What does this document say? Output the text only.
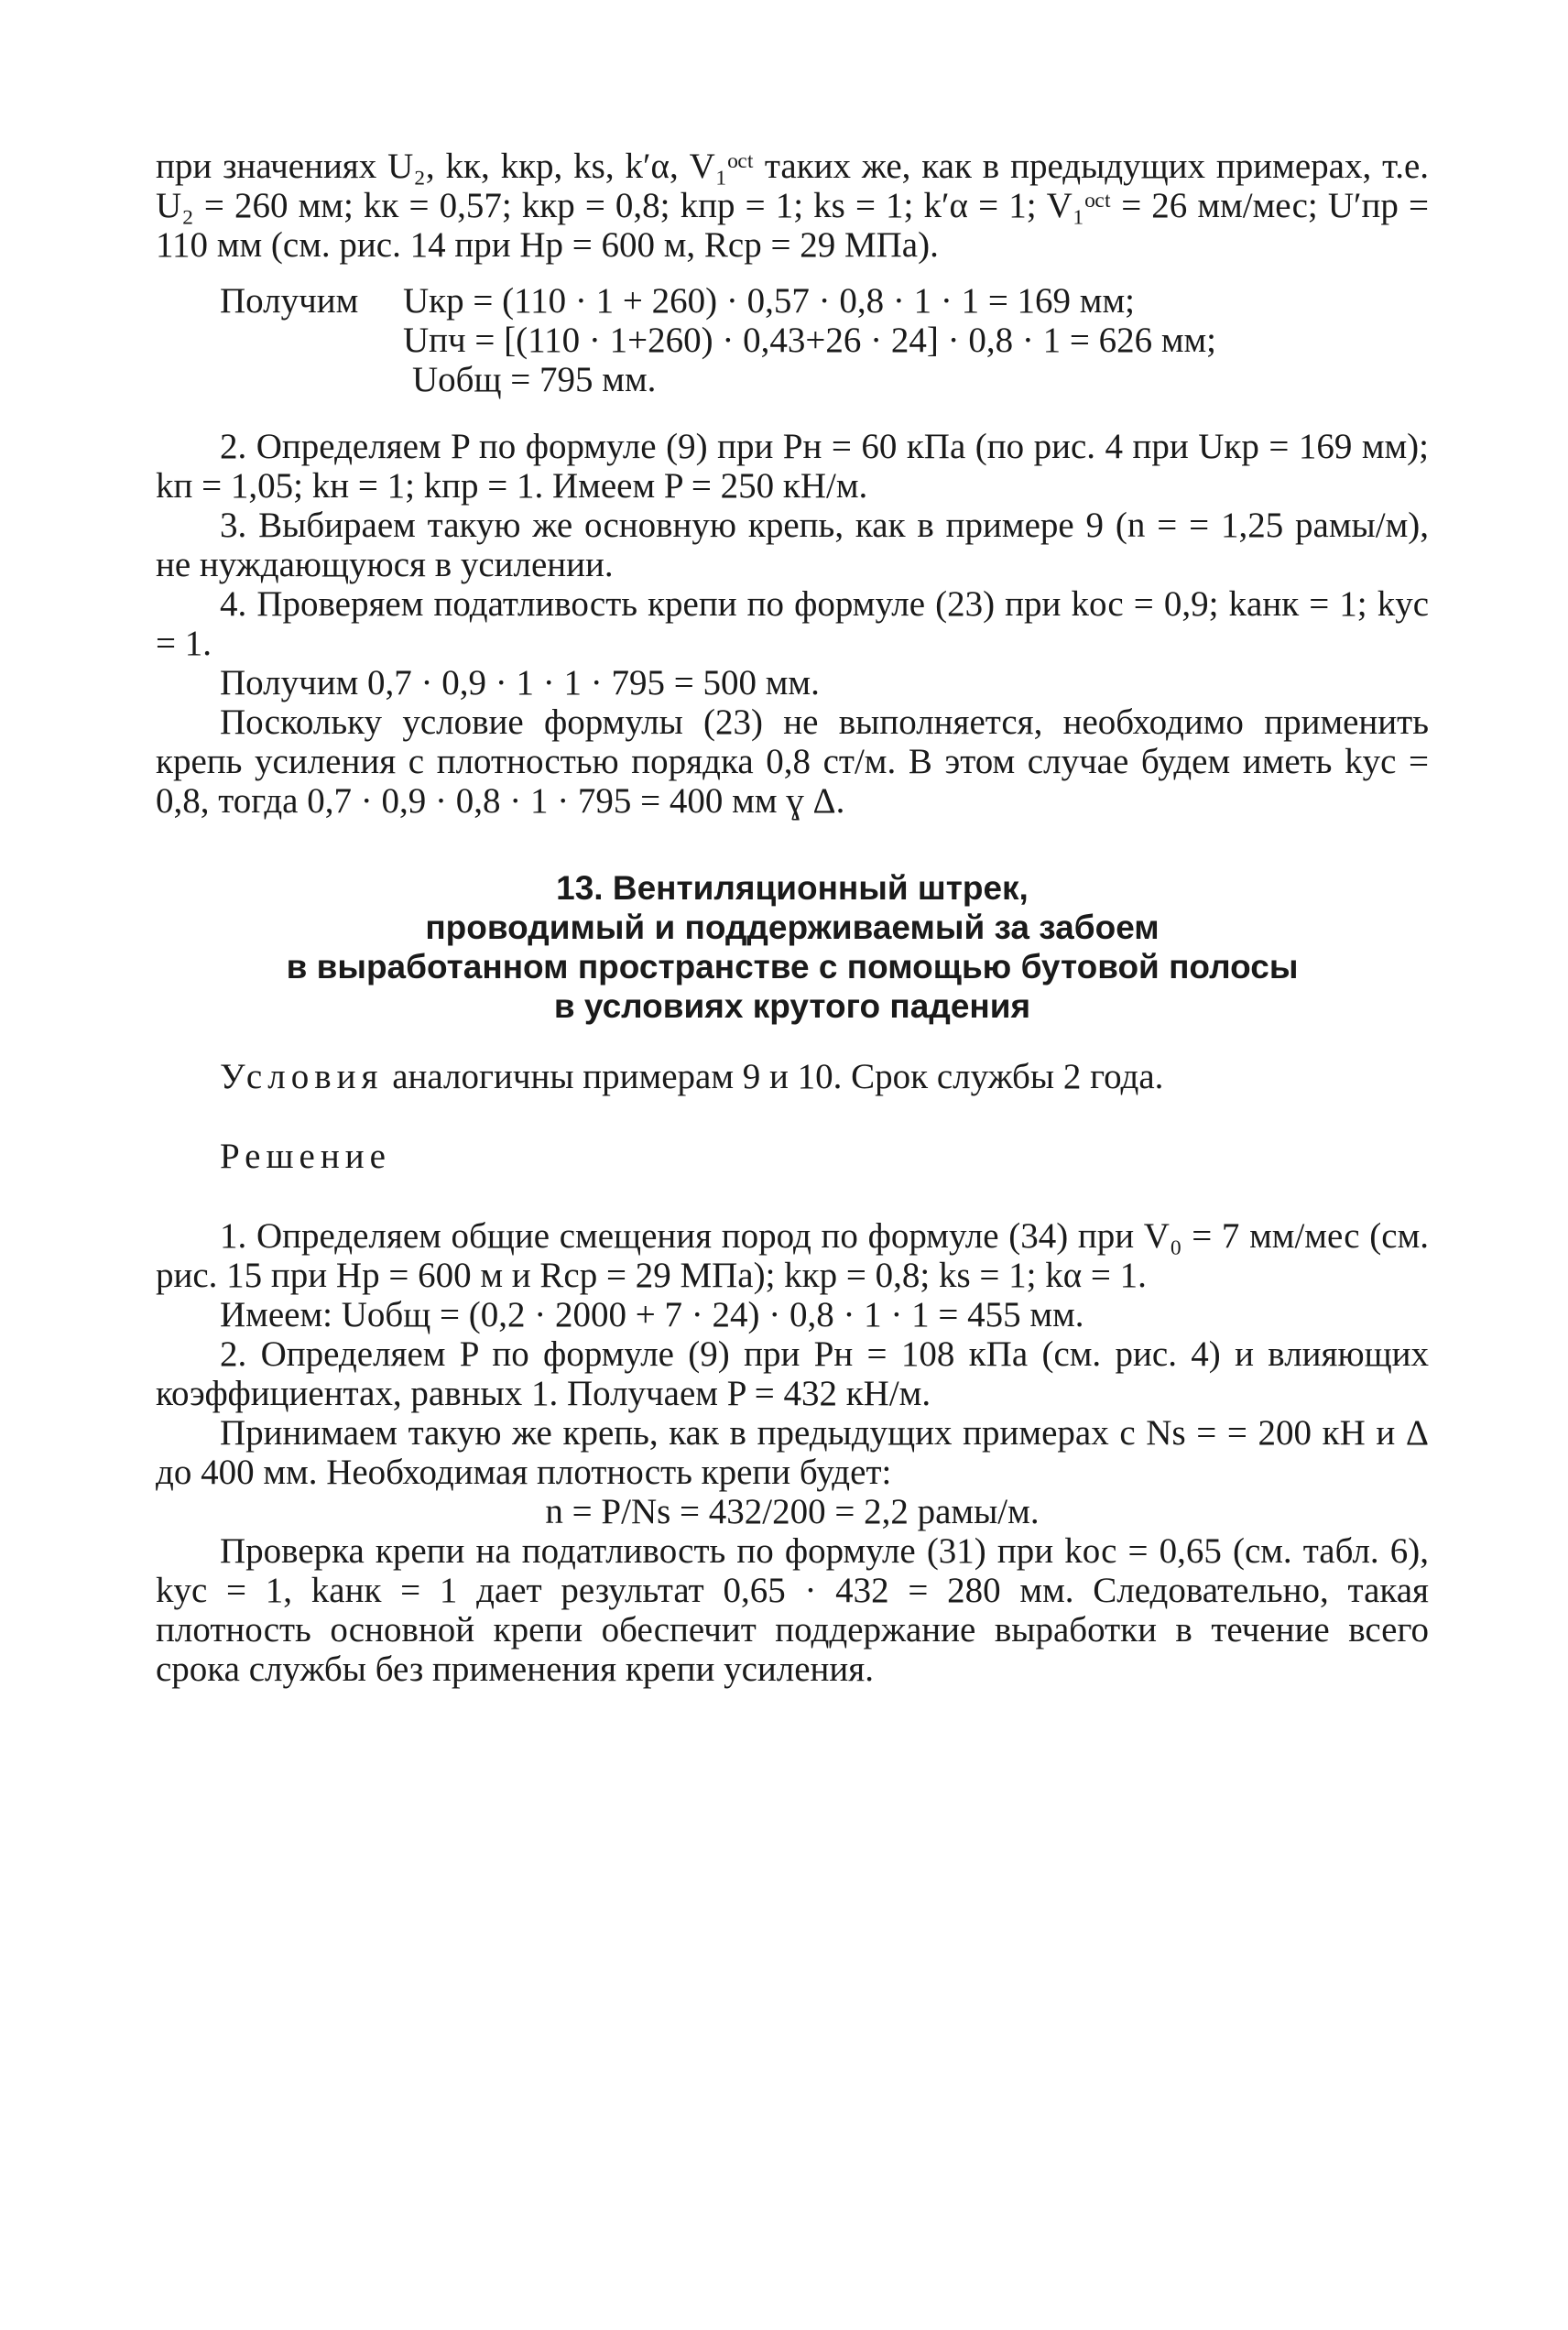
при значениях U₂, kк, kкр, ks, k′α, V₁ᵒᶜᵗ таких же, как в предыдущих примерах, т.е. U₂ = 260 мм; kк = 0,57; kкр = 0,8; kпр = 1; ks = 1; k′α = 1; V₁ᵒᶜᵗ = 26 мм/мес; U′пр = 110 мм (см. рис. 14 при Hр = 600 м, Rср = 29 МПа).

Получим	Uкр = (110 · 1 + 260) · 0,57 · 0,8 · 1 · 1 = 169 мм;
Uпч = [(110 · 1+260) · 0,43+26 · 24] · 0,8 · 1 = 626 мм;
Uобщ = 795 мм.

2. Определяем P по формуле (9) при Pн = 60 кПа (по рис. 4 при Uкр = 169 мм); kп = 1,05; kн = 1; kпр = 1. Имеем P = 250 кН/м.

3. Выбираем такую же основную крепь, как в примере 9 (n = = 1,25 рамы/м), не нуждающуюся в усилении.

4. Проверяем податливость крепи по формуле (23) при kос = 0,9; kанк = 1; kус = 1.

Получим 0,7 · 0,9 · 1 · 1 · 795 = 500 мм.

Поскольку условие формулы (23) не выполняется, необходимо применить крепь усиления с плотностью порядка 0,8 ст/м. В этом случае будем иметь kус = 0,8, тогда 0,7 · 0,9 · 0,8 · 1 · 795 = 400 мм ɣ Δ.

13. Вентиляционный штрек,
проводимый и поддерживаемый за забоем
в выработанном пространстве с помощью бутовой полосы
в условиях крутого падения

Условия аналогичны примерам 9 и 10. Срок службы 2 года.

Решение

1. Определяем общие смещения пород по формуле (34) при V₀ = 7 мм/мес (см. рис. 15 при Hр = 600 м и Rср = 29 МПа); kкр = 0,8; ks = 1; kα = 1.

Имеем: Uобщ = (0,2 · 2000 + 7 · 24) · 0,8 · 1 · 1 = 455 мм.

2. Определяем P по формуле (9) при Pн = 108 кПа (см. рис. 4) и влияющих коэффициентах, равных 1. Получаем P = 432 кН/м.

Принимаем такую же крепь, как в предыдущих примерах с Ns = = 200 кН и Δ до 400 мм. Необходимая плотность крепи будет:

n = P/Ns = 432/200 = 2,2 рамы/м.

Проверка крепи на податливость по формуле (31) при kос = 0,65 (см. табл. 6), kус = 1, kанк = 1 дает результат 0,65 · 432 = 280 мм. Следовательно, такая плотность основной крепи обеспечит поддержание выработки в течение всего срока службы без применения крепи усиления.
